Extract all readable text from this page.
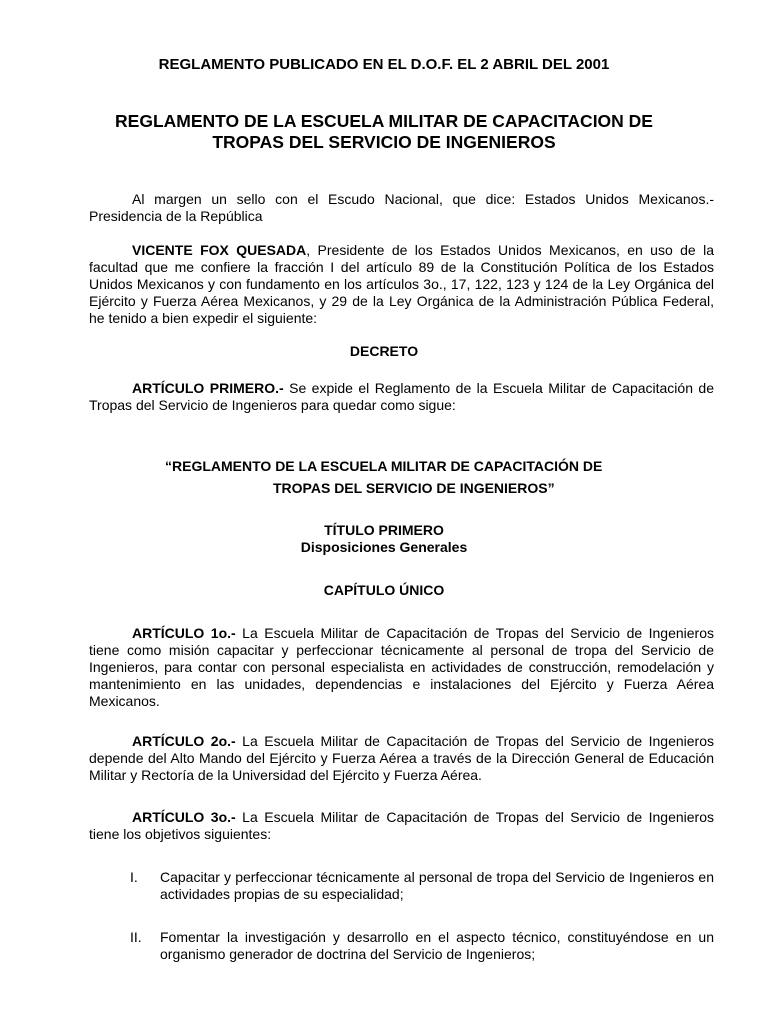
REGLAMENTO PUBLICADO EN EL D.O.F. EL 2 ABRIL DEL 2001
REGLAMENTO DE LA ESCUELA MILITAR DE CAPACITACION DE
TROPAS DEL SERVICIO DE INGENIEROS
Al margen un sello con el Escudo Nacional, que dice: Estados Unidos Mexicanos.- Presidencia de la República
VICENTE FOX QUESADA, Presidente de los Estados Unidos Mexicanos, en uso de la facultad que me confiere la fracción I del artículo 89 de la Constitución Política de los Estados Unidos Mexicanos y con fundamento en los artículos 3o., 17, 122, 123 y 124 de la Ley Orgánica del Ejército y Fuerza Aérea Mexicanos, y 29 de la Ley Orgánica de la Administración Pública Federal, he tenido a bien expedir el siguiente:
DECRETO
ARTÍCULO PRIMERO.- Se expide el Reglamento de la Escuela Militar de Capacitación de Tropas del Servicio de Ingenieros para quedar como sigue:
“REGLAMENTO DE LA ESCUELA MILITAR DE CAPACITACIÓN DE
TROPAS DEL SERVICIO DE INGENIEROS”
TÍTULO PRIMERO
Disposiciones Generales
CAPÍTULO ÚNICO
ARTÍCULO 1o.- La Escuela Militar de Capacitación de Tropas del Servicio de Ingenieros tiene como misión capacitar y perfeccionar técnicamente al personal de tropa del Servicio de Ingenieros, para contar con personal especialista en actividades de construcción, remodelación y mantenimiento en las unidades, dependencias e instalaciones del Ejército y Fuerza Aérea Mexicanos.
ARTÍCULO 2o.- La Escuela Militar de Capacitación de Tropas del Servicio de Ingenieros depende del Alto Mando del Ejército y Fuerza Aérea a través de la Dirección General de Educación Militar y Rectoría de la Universidad del Ejército y Fuerza Aérea.
ARTÍCULO 3o.- La Escuela Militar de Capacitación de Tropas del Servicio de Ingenieros tiene los objetivos siguientes:
I. Capacitar y perfeccionar técnicamente al personal de tropa del Servicio de Ingenieros en actividades propias de su especialidad;
II. Fomentar la investigación y desarrollo en el aspecto técnico, constituyéndose en un organismo generador de doctrina del Servicio de Ingenieros;
